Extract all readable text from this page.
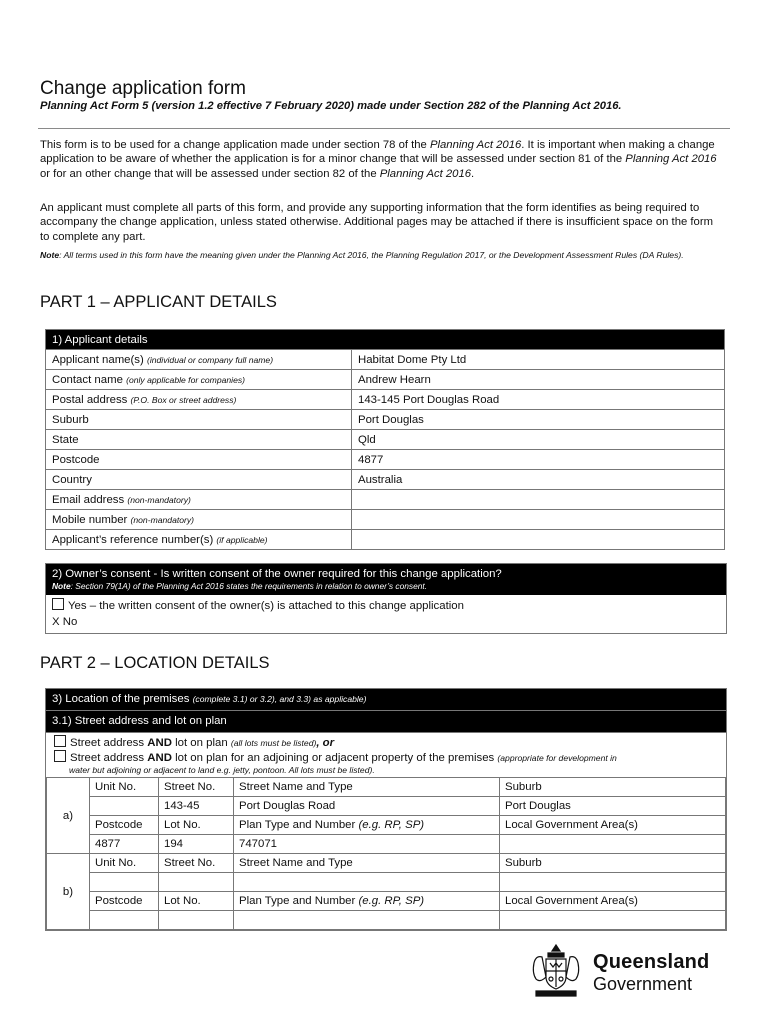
Change application form
Planning Act Form 5 (version 1.2 effective 7 February 2020) made under Section 282 of the Planning Act 2016.
This form is to be used for a change application made under section 78 of the Planning Act 2016. It is important when making a change application to be aware of whether the application is for a minor change that will be assessed under section 81 of the Planning Act 2016 or for an other change that will be assessed under section 82 of the Planning Act 2016.
An applicant must complete all parts of this form, and provide any supporting information that the form identifies as being required to accompany the change application, unless stated otherwise. Additional pages may be attached if there is insufficient space on the form to complete any part.
Note: All terms used in this form have the meaning given under the Planning Act 2016, the Planning Regulation 2017, or the Development Assessment Rules (DA Rules).
PART 1 – APPLICANT DETAILS
1) Applicant details	
Applicant name(s) (individual or company full name)	Habitat Dome Pty Ltd
Contact name (only applicable for companies)	Andrew Hearn
Postal address (P.O. Box or street address)	143-145 Port Douglas Road
Suburb	Port Douglas
State	Qld
Postcode	4877
Country	Australia
Email address (non-mandatory)	
Mobile number (non-mandatory)	
Applicant’s reference number(s) (if applicable)	
2) Owner’s consent - Is written consent of the owner required for this change application?
Note: Section 79(1A) of the Planning Act 2016 states the requirements in relation to owner’s consent.
Yes – the written consent of the owner(s) is attached to this change application
X No
PART 2 – LOCATION DETAILS
3) Location of the premises (complete 3.1) or 3.2), and 3.3) as applicable)
3.1) Street address and lot on plan
Street address AND lot on plan (all lots must be listed), or
Street address AND lot on plan for an adjoining or adjacent property of the premises (appropriate for development in
water but adjoining or adjacent to land e.g. jetty, pontoon. All lots must be listed).
a)	Unit No.	Street No.	Street Name and Type	Suburb
		143-45	Port Douglas Road	Port Douglas
	Postcode	Lot No.	Plan Type and Number (e.g. RP, SP)	Local Government Area(s)
	4877	194	747071	
b)	Unit No.	Street No.	Street Name and Type	Suburb

	Postcode	Lot No.	Plan Type and Number (e.g. RP, SP)	Local Government Area(s)

Queensland
Government
